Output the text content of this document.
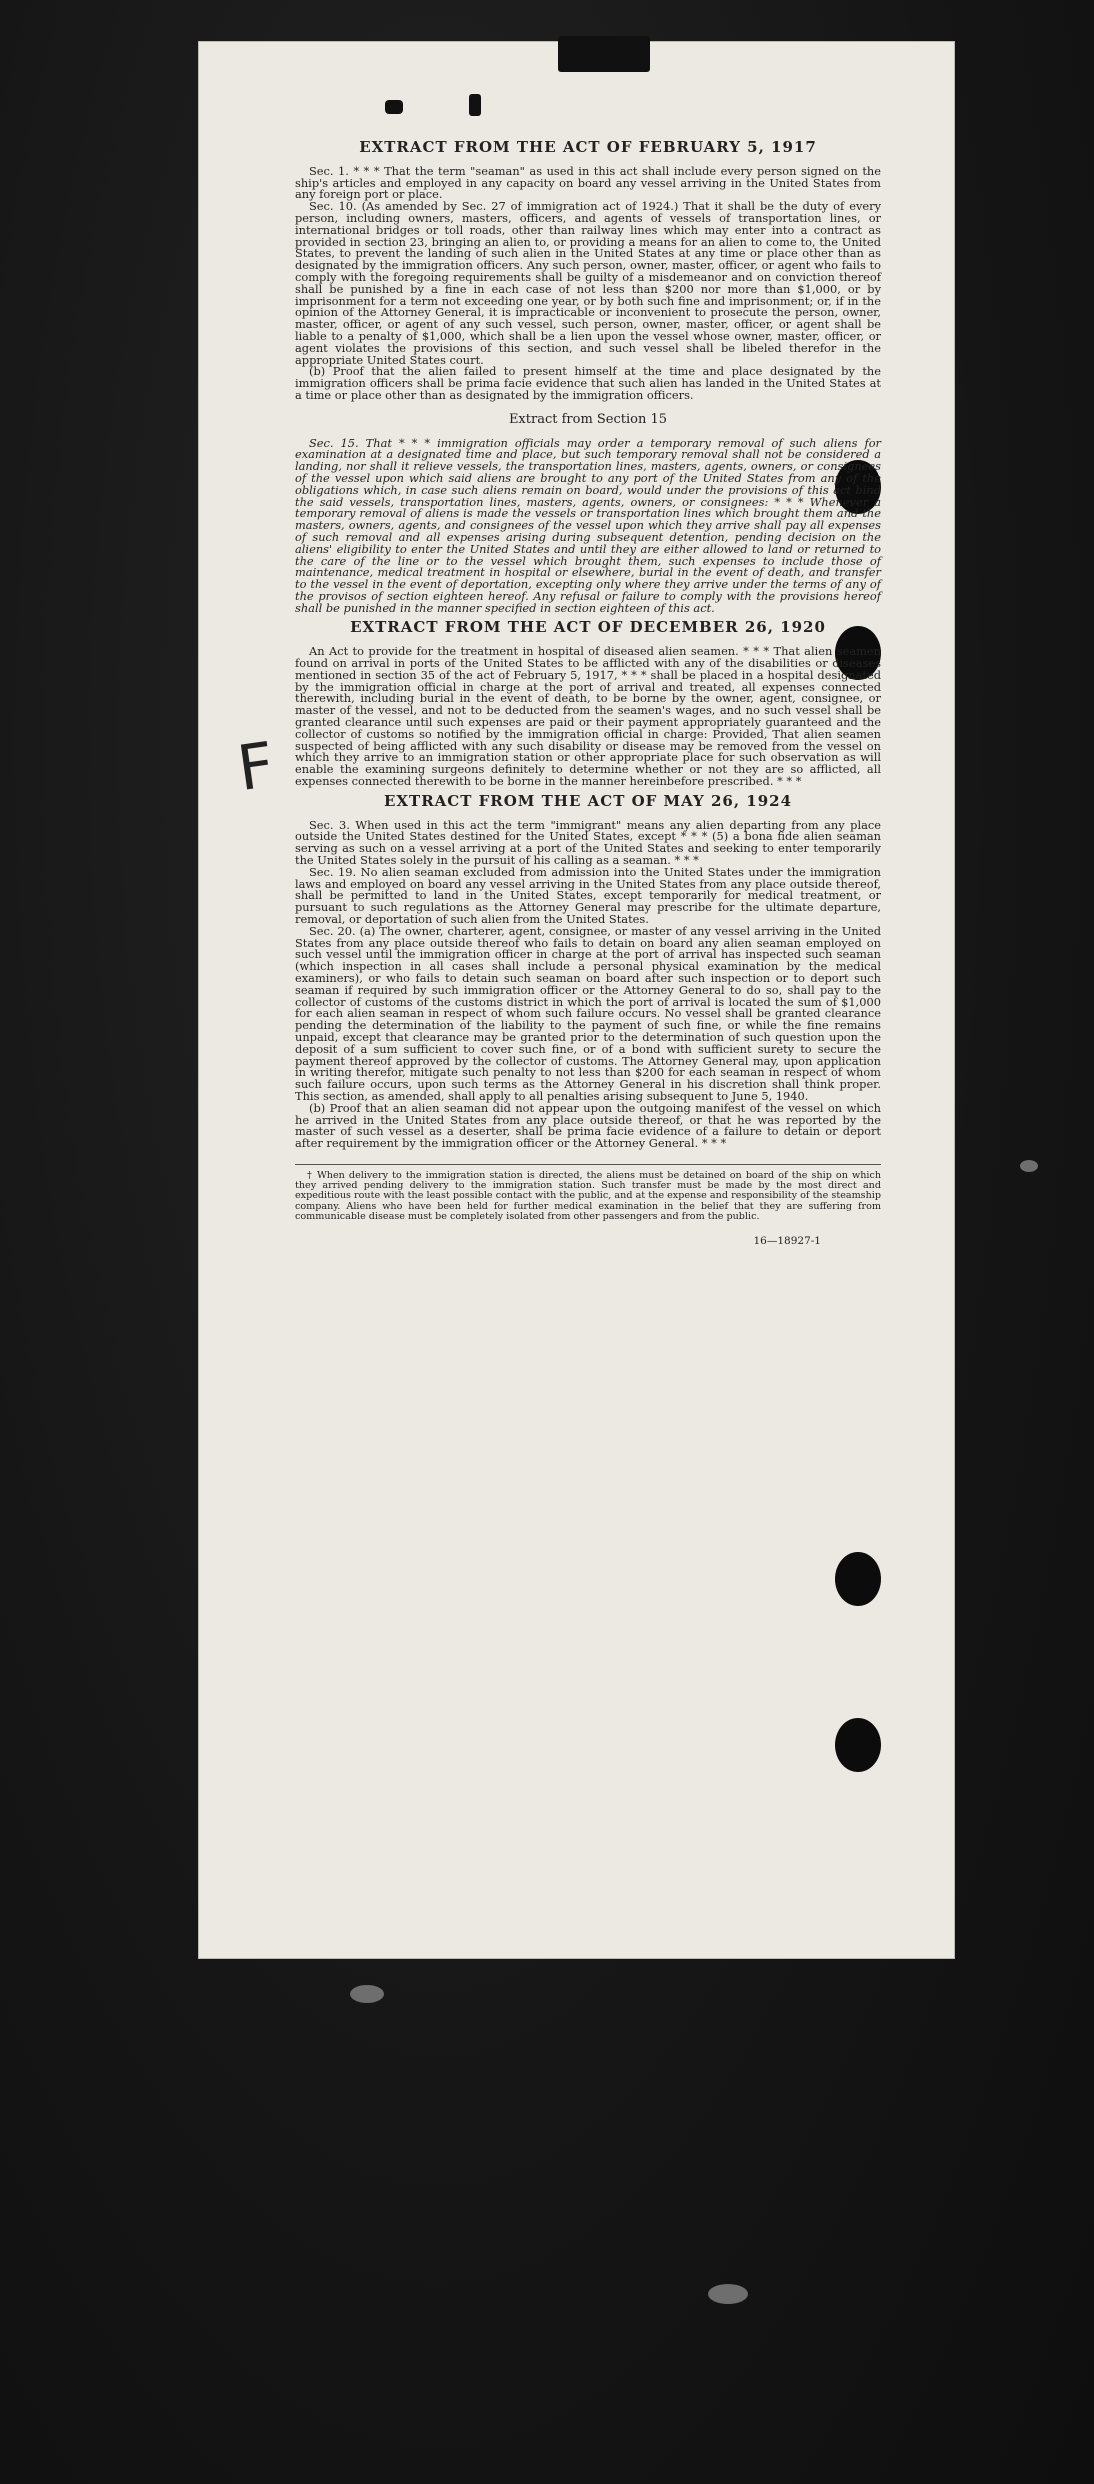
EXTRACT FROM THE ACT OF FEBRUARY 5, 1917

Sec. 1. * * * That the term "seaman" as used in this act shall include every person signed on the ship's articles and employed in any capacity on board any vessel arriving in the United States from any foreign port or place.

Sec. 10. (As amended by Sec. 27 of immigration act of 1924.) That it shall be the duty of every person, including owners, masters, officers, and agents of vessels of transportation lines, or international bridges or toll roads, other than railway lines which may enter into a contract as provided in section 23, bringing an alien to, or providing a means for an alien to come to, the United States, to prevent the landing of such alien in the United States at any time or place other than as designated by the immigration officers. Any such person, owner, master, officer, or agent who fails to comply with the foregoing requirements shall be guilty of a misdemeanor and on conviction thereof shall be punished by a fine in each case of not less than $200 nor more than $1,000, or by imprisonment for a term not exceeding one year, or by both such fine and imprisonment; or, if in the opinion of the Attorney General, it is impracticable or inconvenient to prosecute the person, owner, master, officer, or agent of any such vessel, such person, owner, master, officer, or agent shall be liable to a penalty of $1,000, which shall be a lien upon the vessel whose owner, master, officer, or agent violates the provisions of this section, and such vessel shall be libeled therefor in the appropriate United States court.

(b) Proof that the alien failed to present himself at the time and place designated by the immigration officers shall be prima facie evidence that such alien has landed in the United States at a time or place other than as designated by the immigration officers.

Extract from Section 15

Sec. 15. That * * * immigration officials may order a temporary removal of such aliens for examination at a designated time and place, but such temporary removal shall not be considered a landing, nor shall it relieve vessels, the transportation lines, masters, agents, owners, or consignees of the vessel upon which said aliens are brought to any port of the United States from any of the obligations which, in case such aliens remain on board, would under the provisions of this act bind the said vessels, transportation lines, masters, agents, owners, or consignees: * * * Whenever a temporary removal of aliens is made the vessels or transportation lines which brought them and the masters, owners, agents, and consignees of the vessel upon which they arrive shall pay all expenses of such removal and all expenses arising during subsequent detention, pending decision on the aliens' eligibility to enter the United States and until they are either allowed to land or returned to the care of the line or to the vessel which brought them, such expenses to include those of maintenance, medical treatment in hospital or elsewhere, burial in the event of death, and transfer to the vessel in the event of deportation, excepting only where they arrive under the terms of any of the provisos of section eighteen hereof. Any refusal or failure to comply with the provisions hereof shall be punished in the manner specified in section eighteen of this act.

EXTRACT FROM THE ACT OF DECEMBER 26, 1920

An Act to provide for the treatment in hospital of diseased alien seamen. * * * That alien seamen found on arrival in ports of the United States to be afflicted with any of the disabilities or diseases mentioned in section 35 of the act of February 5, 1917, * * * shall be placed in a hospital designated by the immigration official in charge at the port of arrival and treated, all expenses connected therewith, including burial in the event of death, to be borne by the owner, agent, consignee, or master of the vessel, and not to be deducted from the seamen's wages, and no such vessel shall be granted clearance until such expenses are paid or their payment appropriately guaranteed and the collector of customs so notified by the immigration official in charge: Provided, That alien seamen suspected of being afflicted with any such disability or disease may be removed from the vessel on which they arrive to an immigration station or other appropriate place for such observation as will enable the examining surgeons definitely to determine whether or not they are so afflicted, all expenses connected therewith to be borne in the manner hereinbefore prescribed. * * *

EXTRACT FROM THE ACT OF MAY 26, 1924

Sec. 3. When used in this act the term "immigrant" means any alien departing from any place outside the United States destined for the United States, except * * * (5) a bona fide alien seaman serving as such on a vessel arriving at a port of the United States and seeking to enter temporarily the United States solely in the pursuit of his calling as a seaman. * * *

Sec. 19. No alien seaman excluded from admission into the United States under the immigration laws and employed on board any vessel arriving in the United States from any place outside thereof, shall be permitted to land in the United States, except temporarily for medical treatment, or pursuant to such regulations as the Attorney General may prescribe for the ultimate departure, removal, or deportation of such alien from the United States.

Sec. 20. (a) The owner, charterer, agent, consignee, or master of any vessel arriving in the United States from any place outside thereof who fails to detain on board any alien seaman employed on such vessel until the immigration officer in charge at the port of arrival has inspected such seaman (which inspection in all cases shall include a personal physical examination by the medical examiners), or who fails to detain such seaman on board after such inspection or to deport such seaman if required by such immigration officer or the Attorney General to do so, shall pay to the collector of customs of the customs district in which the port of arrival is located the sum of $1,000 for each alien seaman in respect of whom such failure occurs. No vessel shall be granted clearance pending the determination of the liability to the payment of such fine, or while the fine remains unpaid, except that clearance may be granted prior to the determination of such question upon the deposit of a sum sufficient to cover such fine, or of a bond with sufficient surety to secure the payment thereof approved by the collector of customs. The Attorney General may, upon application in writing therefor, mitigate such penalty to not less than $200 for each seaman in respect of whom such failure occurs, upon such terms as the Attorney General in his discretion shall think proper. This section, as amended, shall apply to all penalties arising subsequent to June 5, 1940.

(b) Proof that an alien seaman did not appear upon the outgoing manifest of the vessel on which he arrived in the United States from any place outside thereof, or that he was reported by the master of such vessel as a deserter, shall be prima facie evidence of a failure to detain or deport after requirement by the immigration officer or the Attorney General. * * *

† When delivery to the immigration station is directed, the aliens must be detained on board of the ship on which they arrived pending delivery to the immigration station. Such transfer must be made by the most direct and expeditious route with the least possible contact with the public, and at the expense and responsibility of the steamship company. Aliens who have been held for further medical examination in the belief that they are suffering from communicable disease must be completely isolated from other passengers and from the public.

16—18927-1
F
